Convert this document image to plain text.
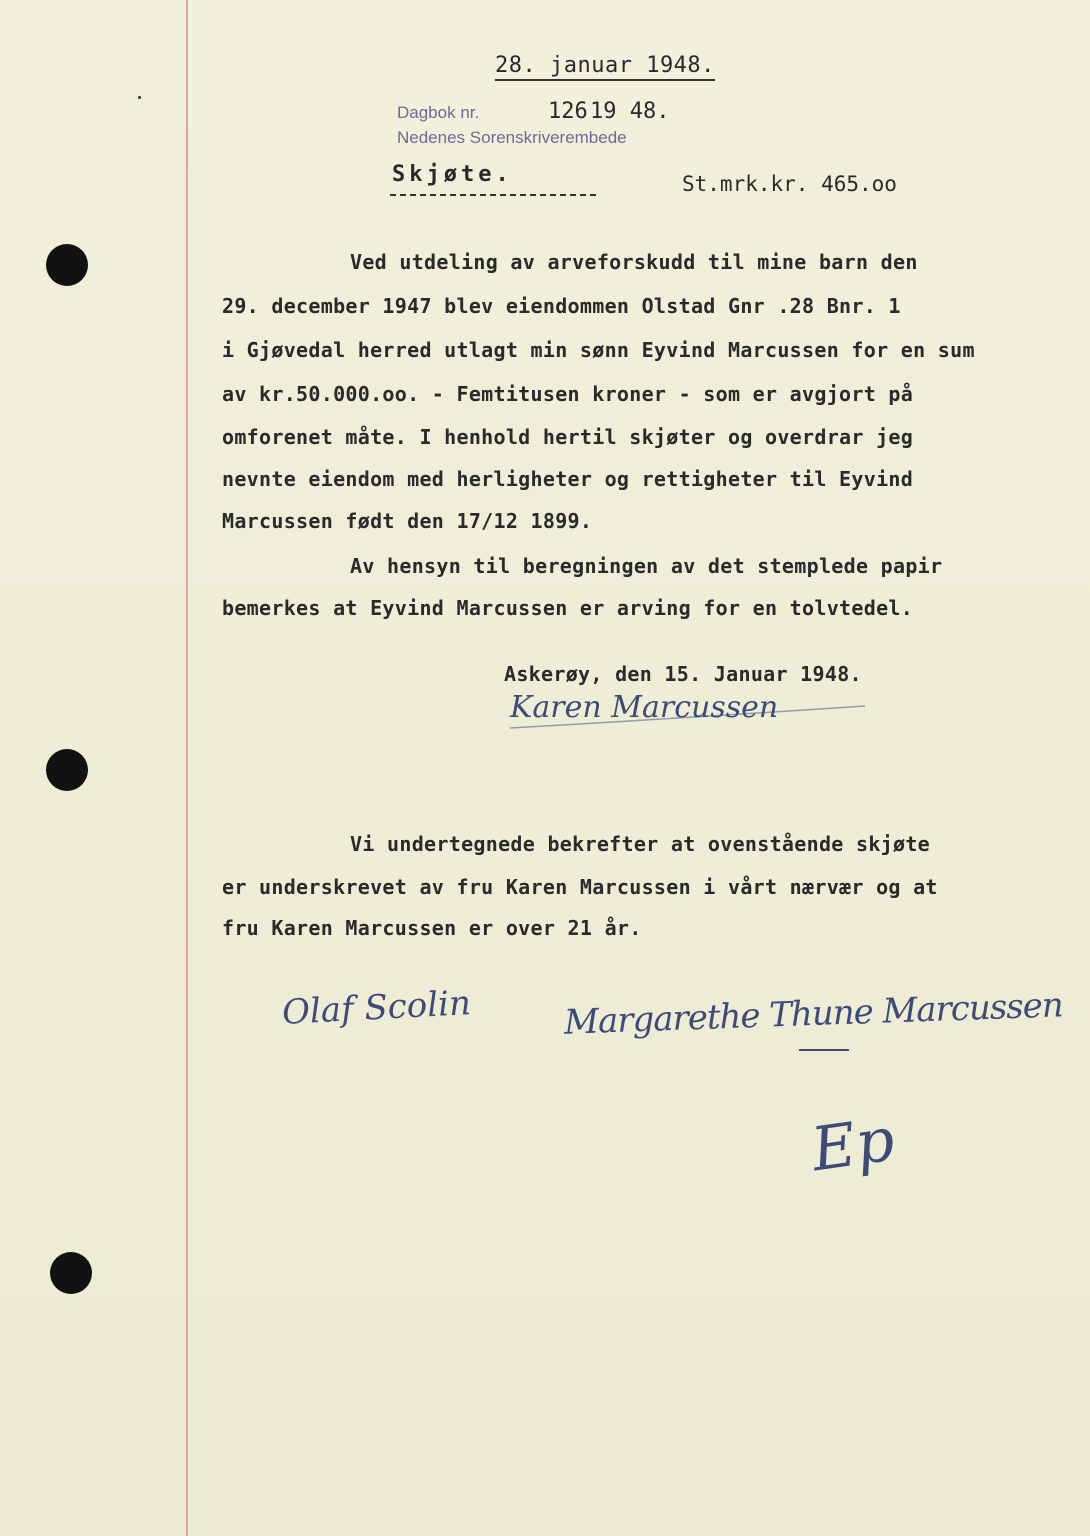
28. januar 1948.
Dagbok nr.	126 19 48.
Nedenes Sorenskriverembede
Skjøte.	St.mrk.kr. 465.oo
Ved utdeling av arveforskudd til mine barn den
29. december 1947 blev eiendommen Olstad Gnr .28 Bnr. 1
i Gjøvedal herred utlagt min sønn Eyvind Marcussen for en sum
av kr.50.000.oo. - Femtitusen kroner - som er avgjort på
omforenet måte. I henhold hertil skjøter og overdrar jeg
nevnte eiendom med herligheter og rettigheter til Eyvind
Marcussen født den 17/12 1899.
Av hensyn til beregningen av det stemplede papir
bemerkes at Eyvind Marcussen er arving for en tolvtedel.
Askerøy, den 15. Januar 1948.
Karen Marcussen
Vi undertegnede bekrefter at ovenstående skjøte
er underskrevet av fru Karen Marcussen i vårt nærvær og at
fru Karen Marcussen er over 21 år.
Olaf Scolin	Margarethe Thune Marcussen
Ep
